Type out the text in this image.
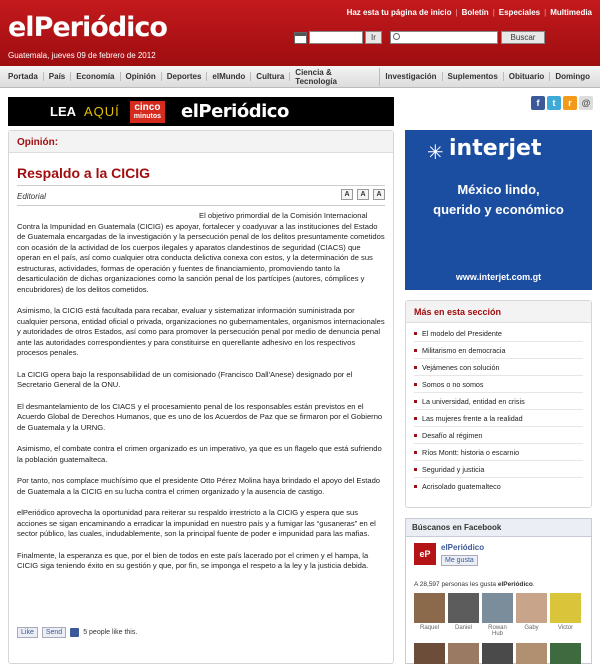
elPeriódico
Guatemala, jueves 09 de febrero de 2012
Haz esta tu página de inicio | Boletín | Especiales | Multimedia
Ir	Buscar
Portada	País	Economía	Opinión	Deportes	elMundo	Cultura	Ciencia & Tecnología	Investigación	Suplementos	Obituario	Domingo
LEA AQUÍ	cinco
minutos elPeriódico	f	t	r	@
Opinión:
Respaldo a la CICIG
Editorial	A	A	A

El objetivo primordial de la Comisión Internacional Contra la Impunidad en Guatemala (CICIG) es apoyar, fortalecer y coadyuvar a las instituciones del Estado de Guatemala encargadas de la investigación y la persecución penal de los delitos presuntamente cometidos con ocasión de la actividad de los cuerpos ilegales y aparatos clandestinos de seguridad (CIACS) que operan en el país, así como cualquier otra conducta delictiva conexa con estos, y la determinación de sus estructuras, actividades, formas de operación y fuentes de financiamiento, promoviendo tanto la desarticulación de dichas organizaciones como la sanción penal de los partícipes (autores, cómplices y encubridores) de los delitos cometidos.

Asimismo, la CICIG está facultada para recabar, evaluar y sistematizar información suministrada por cualquier persona, entidad oficial o privada, organizaciones no gubernamentales, organismos internacionales y autoridades de otros Estados, así como para promover la persecución penal por medio de denuncia penal ante las autoridades correspondientes y para constituirse en querellante adhesivo en los respectivos procesos penales.

La CICIG opera bajo la responsabilidad de un comisionado (Francisco Dall'Anese) designado por el Secretario General de la ONU.

El desmantelamiento de los CIACS y el procesamiento penal de los responsables están previstos en el Acuerdo Global de Derechos Humanos, que es uno de los Acuerdos de Paz que se firmaron por el Gobierno de Guatemala y la URNG.

Asimismo, el combate contra el crimen organizado es un imperativo, ya que es un flagelo que está sufriendo la población guatemalteca.

Por tanto, nos complace muchísimo que el presidente Otto Pérez Molina haya brindado el apoyo del Estado de Guatemala a la CICIG en su lucha contra el crimen organizado y la ausencia de castigo.

elPeriódico aprovecha la oportunidad para reiterar su respaldo irrestricto a la CICIG y espera que sus acciones se sigan encaminando a erradicar la impunidad en nuestro país y a fumigar las “gusaneras” en el sector público, las cuales, indudablemente, son la principal fuente de poder e impunidad para las mafias.

Finalmente, la esperanza es que, por el bien de todos en este país lacerado por el crimen y el hampa, la CICIG siga teniendo éxito en su gestión y que, por fin, se imponga el respeto a la ley y la justicia debida.

Like	Send	5 people like this.
✳ interjet
México lindo,
querido y económico
www.interjet.com.gt
Más en esta sección
El modelo del Presidente
Militarismo en democracia
Vejámenes con solución
Somos o no somos
La universidad, entidad en crisis
Las mujeres frente a la realidad
Desafío al régimen
Ríos Montt: historia o escarnio
Seguridad y justicia
Acrisolado guatemalteco
Búscanos en Facebook
eP
elPeriódico
Me gusta
A 28,597 personas les gusta elPeriódico.
Raquel	Daniel	Rowan Hub
Gaby	Victor
